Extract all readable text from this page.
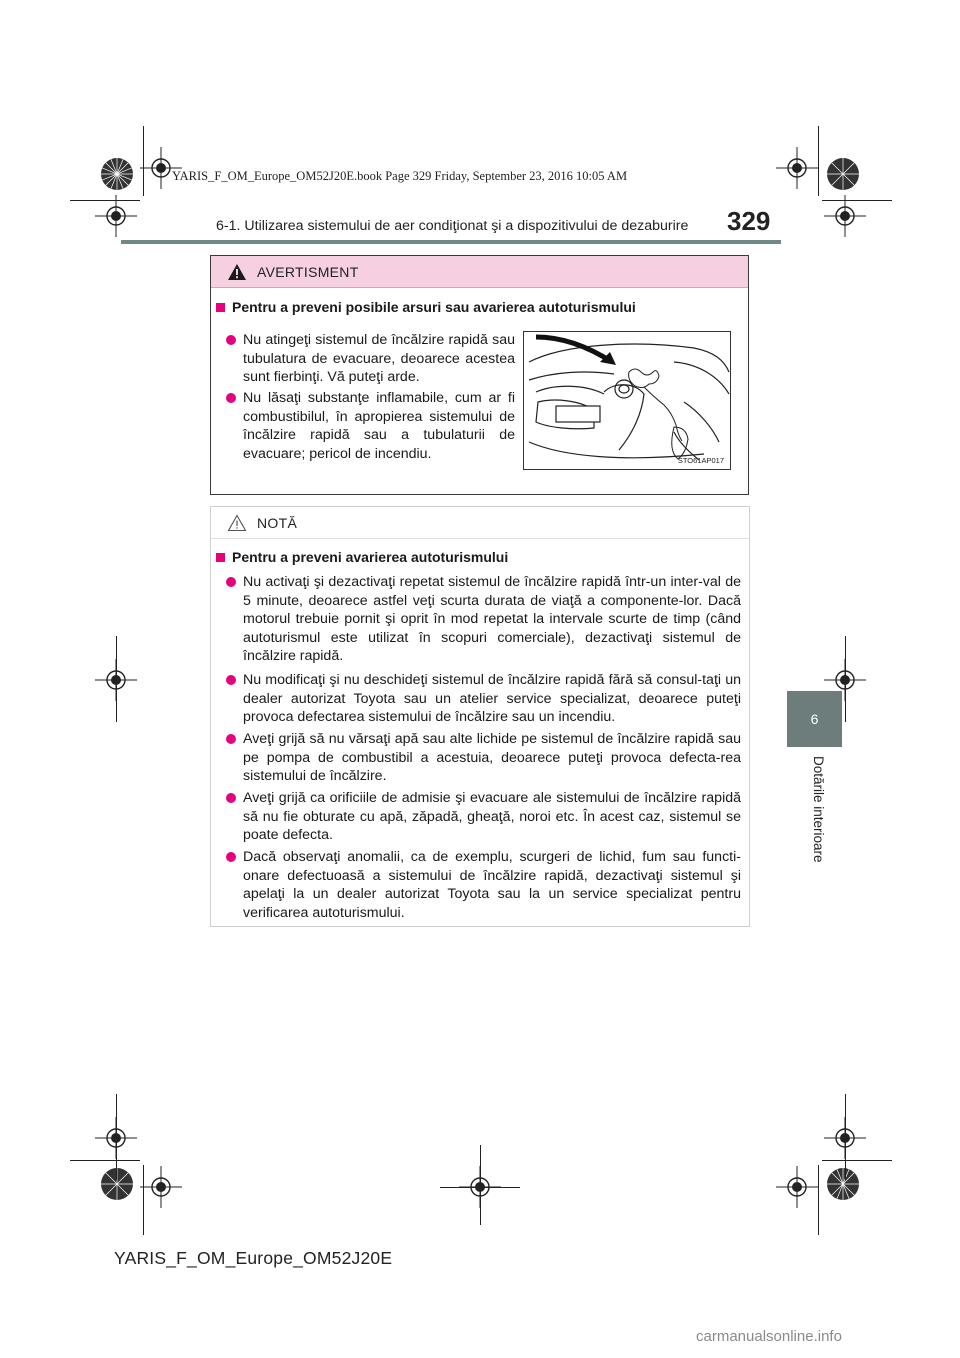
YARIS_F_OM_Europe_OM52J20E.book Page 329 Friday, September 23, 2016 10:05 AM
6-1. Utilizarea sistemului de aer condiţionat şi a dispozitivului de dezaburire 329
6
Dotările interioare
AVERTISMENT
Pentru a preveni posibile arsuri sau avarierea autoturismului
Nu atingeţi sistemul de încălzire rapidă sau tubulatura de evacuare, deoarece acestea sunt fierbinţi. Vă puteţi arde.
Nu lăsaţi substanţe inflamabile, cum ar fi combustibilul, în apropierea sistemului de încălzire rapidă sau a tubulaturii de evacuare; pericol de incendiu.	STO61AP017
NOTĂ
Pentru a preveni avarierea autoturismului
Nu activaţi şi dezactivaţi repetat sistemul de încălzire rapidă într-un inter-val de 5 minute, deoarece astfel veţi scurta durata de viaţă a componente-lor. Dacă motorul trebuie pornit şi oprit în mod repetat la intervale scurte de timp (când autoturismul este utilizat în scopuri comerciale), dezactivaţi sistemul de încălzire rapidă.
Nu modificaţi şi nu deschideţi sistemul de încălzire rapidă fără să consul-taţi un dealer autorizat Toyota sau un atelier service specializat, deoarece puteţi provoca defectarea sistemului de încălzire sau un incendiu.
Aveţi grijă să nu vărsaţi apă sau alte lichide pe sistemul de încălzire rapidă sau pe pompa de combustibil a acestuia, deoarece puteţi provoca defecta-rea sistemului de încălzire.
Aveţi grijă ca orificiile de admisie şi evacuare ale sistemului de încălzire rapidă să nu fie obturate cu apă, zăpadă, gheaţă, noroi etc. În acest caz, sistemul se poate defecta.
Dacă observaţi anomalii, ca de exemplu, scurgeri de lichid, fum sau functi-onare defectuoasă a sistemului de încălzire rapidă, dezactivaţi sistemul şi apelaţi la un dealer autorizat Toyota sau la un service specializat pentru verificarea autoturismului.
YARIS_F_OM_Europe_OM52J20E
carmanualsonline.info
